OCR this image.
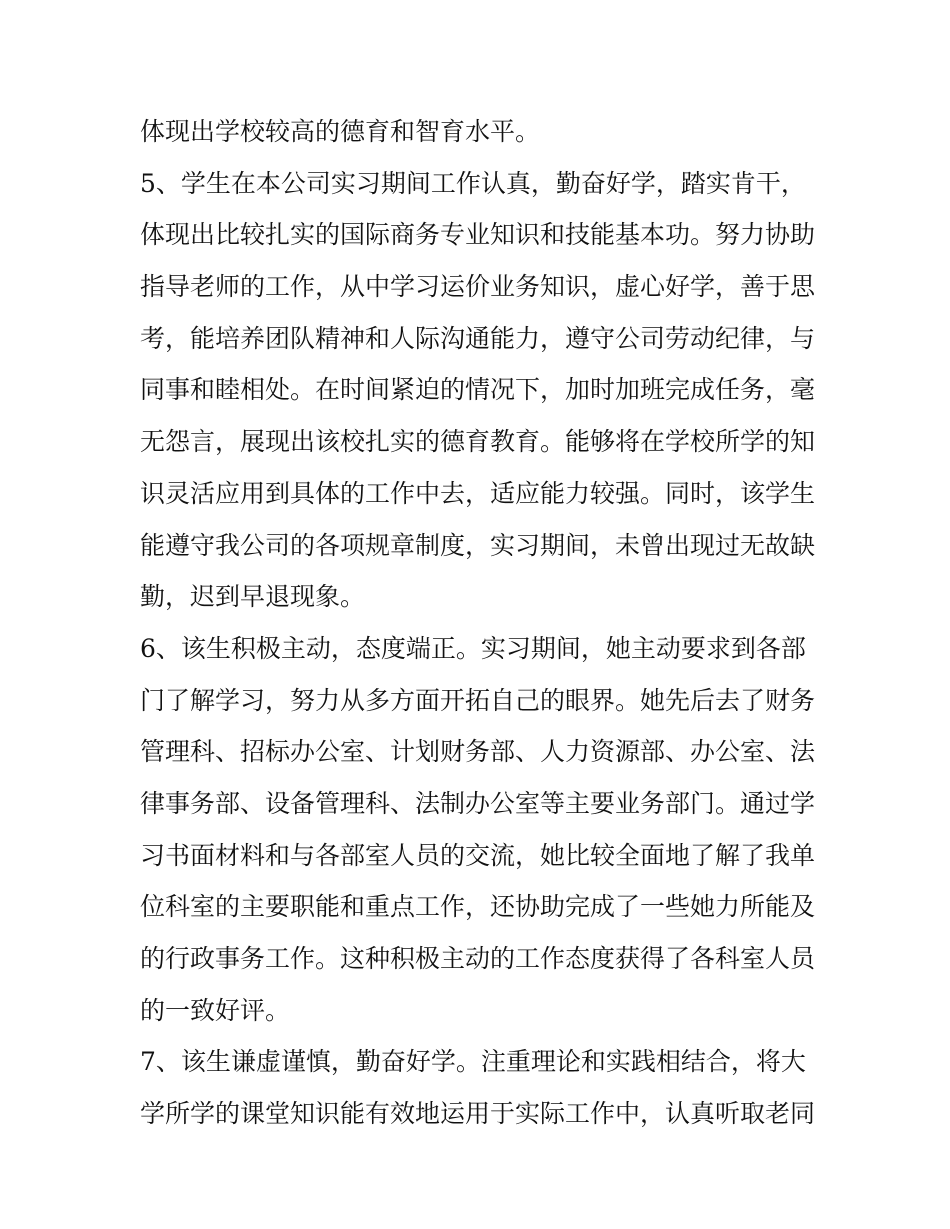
体现出学校较高的德育和智育水平。
5、学生在本公司实习期间工作认真，勤奋好学，踏实肯干，
体现出比较扎实的国际商务专业知识和技能基本功。努力协助
指导老师的工作，从中学习运价业务知识，虚心好学，善于思
考，能培养团队精神和人际沟通能力，遵守公司劳动纪律，与
同事和睦相处。在时间紧迫的情况下，加时加班完成任务，毫
无怨言，展现出该校扎实的德育教育。能够将在学校所学的知
识灵活应用到具体的工作中去，适应能力较强。同时，该学生
能遵守我公司的各项规章制度，实习期间，未曾出现过无故缺
勤，迟到早退现象。
6、该生积极主动，态度端正。实习期间，她主动要求到各部
门了解学习，努力从多方面开拓自己的眼界。她先后去了财务
管理科、招标办公室、计划财务部、人力资源部、办公室、法
律事务部、设备管理科、法制办公室等主要业务部门。通过学
习书面材料和与各部室人员的交流，她比较全面地了解了我单
位科室的主要职能和重点工作，还协助完成了一些她力所能及
的行政事务工作。这种积极主动的工作态度获得了各科室人员
的一致好评。
7、该生谦虚谨慎，勤奋好学。注重理论和实践相结合，将大
学所学的课堂知识能有效地运用于实际工作中，认真听取老同
